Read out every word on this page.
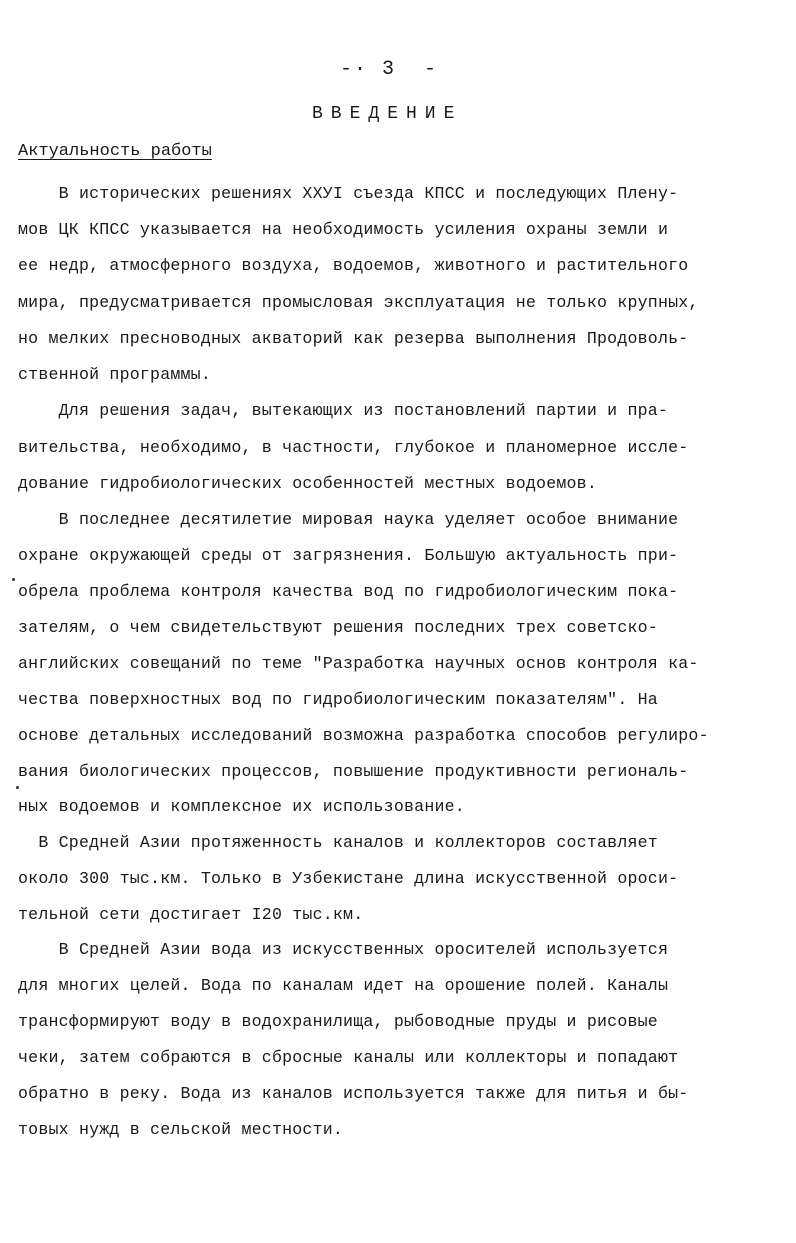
-· 3  -
ВВЕДЕНИЕ
Актуальность работы
В исторических решениях XXУI съезда КПСС и последующих Плену-
мов ЦК КПСС указывается на необходимость усиления охраны земли и
ее недр, атмосферного воздуха, водоемов, животного и растительного
мира, предусматривается промысловая эксплуатация не только крупных,
но мелких пресноводных акваторий как резерва выполнения Продоволь-
ственной программы.
Для решения задач, вытекающих из постановлений партии и пра-
вительства, необходимо, в частности, глубокое и планомерное иссле-
дование гидробиологических особенностей местных водоемов.
В последнее десятилетие мировая наука уделяет особое внимание
охране окружающей среды от загрязнения. Большую актуальность при-
обрела проблема контроля качества вод по гидробиологическим пока-
зателям, о чем свидетельствуют решения последних трех советско-
английских совещаний по теме "Разработка научных основ контроля ка-
чества поверхностных вод по гидробиологическим показателям". На
основе детальных исследований возможна разработка способов регулиро-
вания биологических процессов, повышение продуктивности региональ-
ных водоемов и комплексное их использование.
В Средней Азии протяженность каналов и коллекторов составляет
около 300 тыс.км. Только в Узбекистане длина искусственной ороси-
тельной сети достигает I20 тыс.км.
В Средней Азии вода из искусственных оросителей используется
для многих целей. Вода по каналам идет на орошение полей. Каналы
трансформируют воду в водохранилища, рыбоводные пруды и рисовые
чеки, затем собраются в сбросные каналы или коллекторы и попадают
обратно в реку. Вода из каналов используется также для питья и бы-
товых нужд в сельской местности.
